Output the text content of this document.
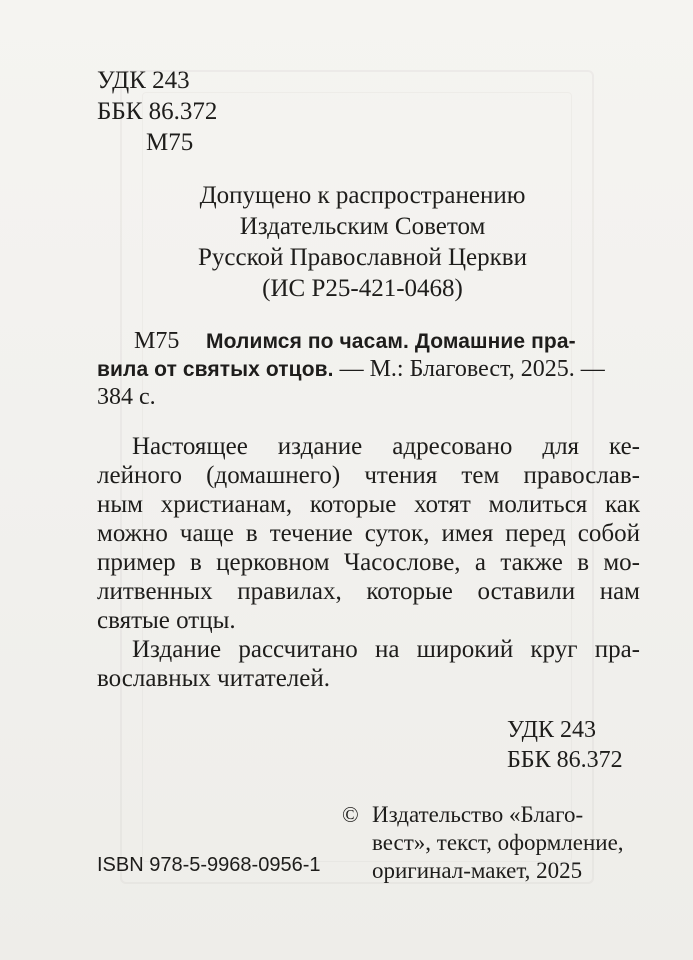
УДК 243

ББК 86.372

М75

Допущено к распространению

Издательским Советом

Русской Православной Церкви

(ИС Р25-421-0468)

М75 Молимся по часам. Домашние пра-

вила от святых отцов. — М.: Благовест, 2025. —

384 с.

Настоящее издание адресовано для ке-

лейного (домашнего) чтения тем православ-

ным христианам, которые хотят молиться как

можно чаще в течение суток, имея перед собой

пример в церковном Часослове, а также в мо-

литвенных правилах, которые оставили нам

святые отцы.

Издание рассчитано на широкий круг пра-

вославных читателей.

УДК 243

ББК 86.372

© Издательство «Благо-

вест», текст, оформление,

оригинал-макет, 2025

ISBN 978-5-9968-0956-1
